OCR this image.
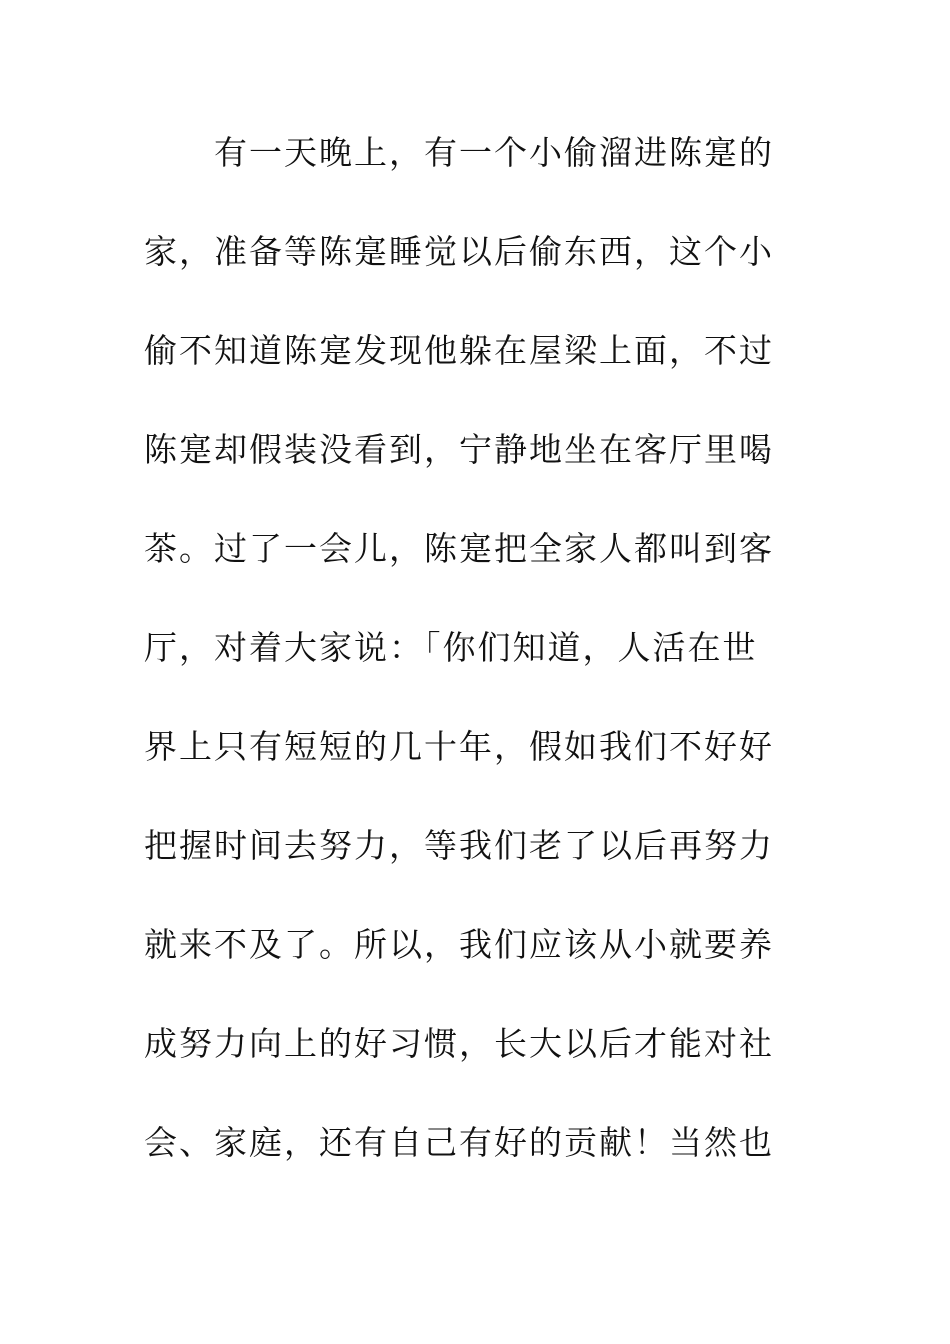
　　有一天晚上，有一个小偷溜进陈寔的
家，准备等陈寔睡觉以后偷东西，这个小
偷不知道陈寔发现他躲在屋梁上面，不过
陈寔却假装没看到，宁静地坐在客厅里喝
茶。过了一会儿，陈寔把全家人都叫到客
厅，对着大家说：「你们知道，人活在世
界上只有短短的几十年，假如我们不好好
把握时间去努力，等我们老了以后再努力
就来不及了。所以，我们应该从小就要养
成努力向上的好习惯，长大以后才能对社
会、家庭，还有自己有好的贡献！当然也
